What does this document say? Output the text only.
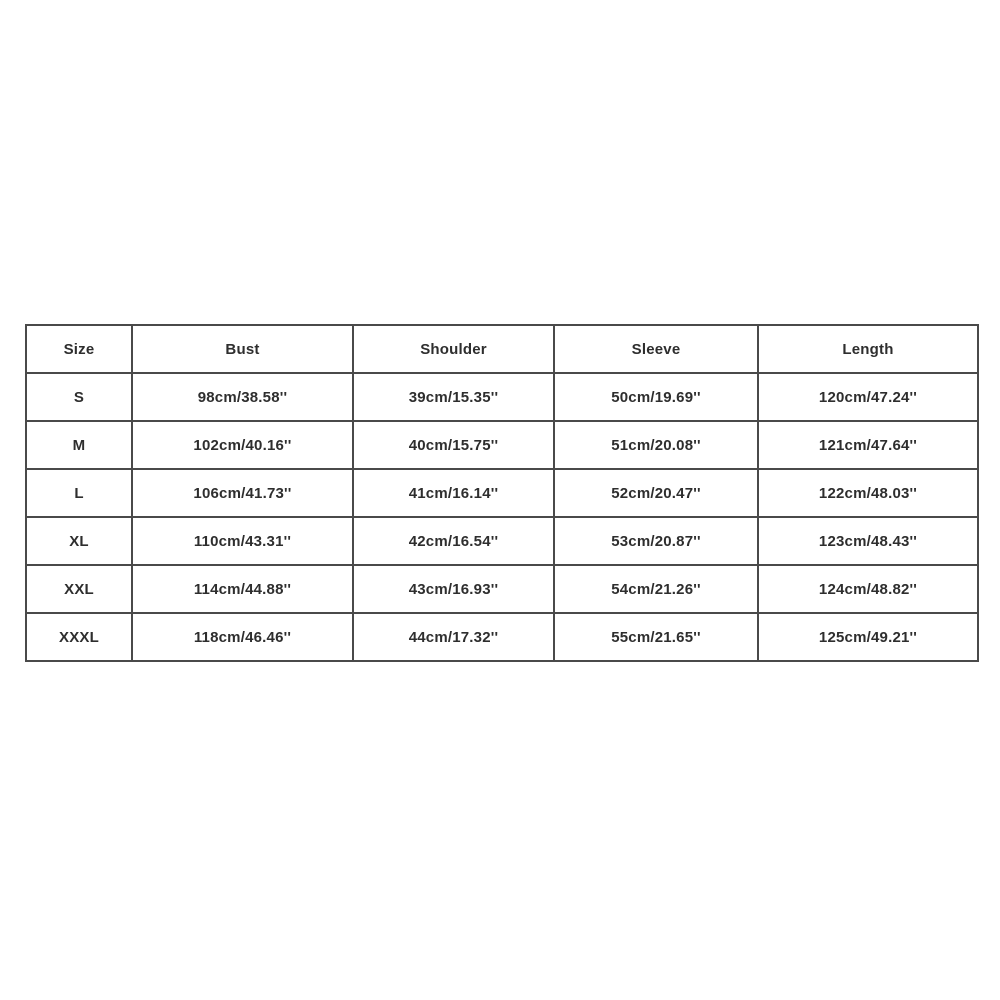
Size	Bust	Shoulder	Sleeve	Length
S	98cm/38.58''	39cm/15.35''	50cm/19.69''	120cm/47.24''
M	102cm/40.16''	40cm/15.75''	51cm/20.08''	121cm/47.64''
L	106cm/41.73''	41cm/16.14''	52cm/20.47''	122cm/48.03''
XL	110cm/43.31''	42cm/16.54''	53cm/20.87''	123cm/48.43''
XXL	114cm/44.88''	43cm/16.93''	54cm/21.26''	124cm/48.82''
XXXL	118cm/46.46''	44cm/17.32''	55cm/21.65''	125cm/49.21''
